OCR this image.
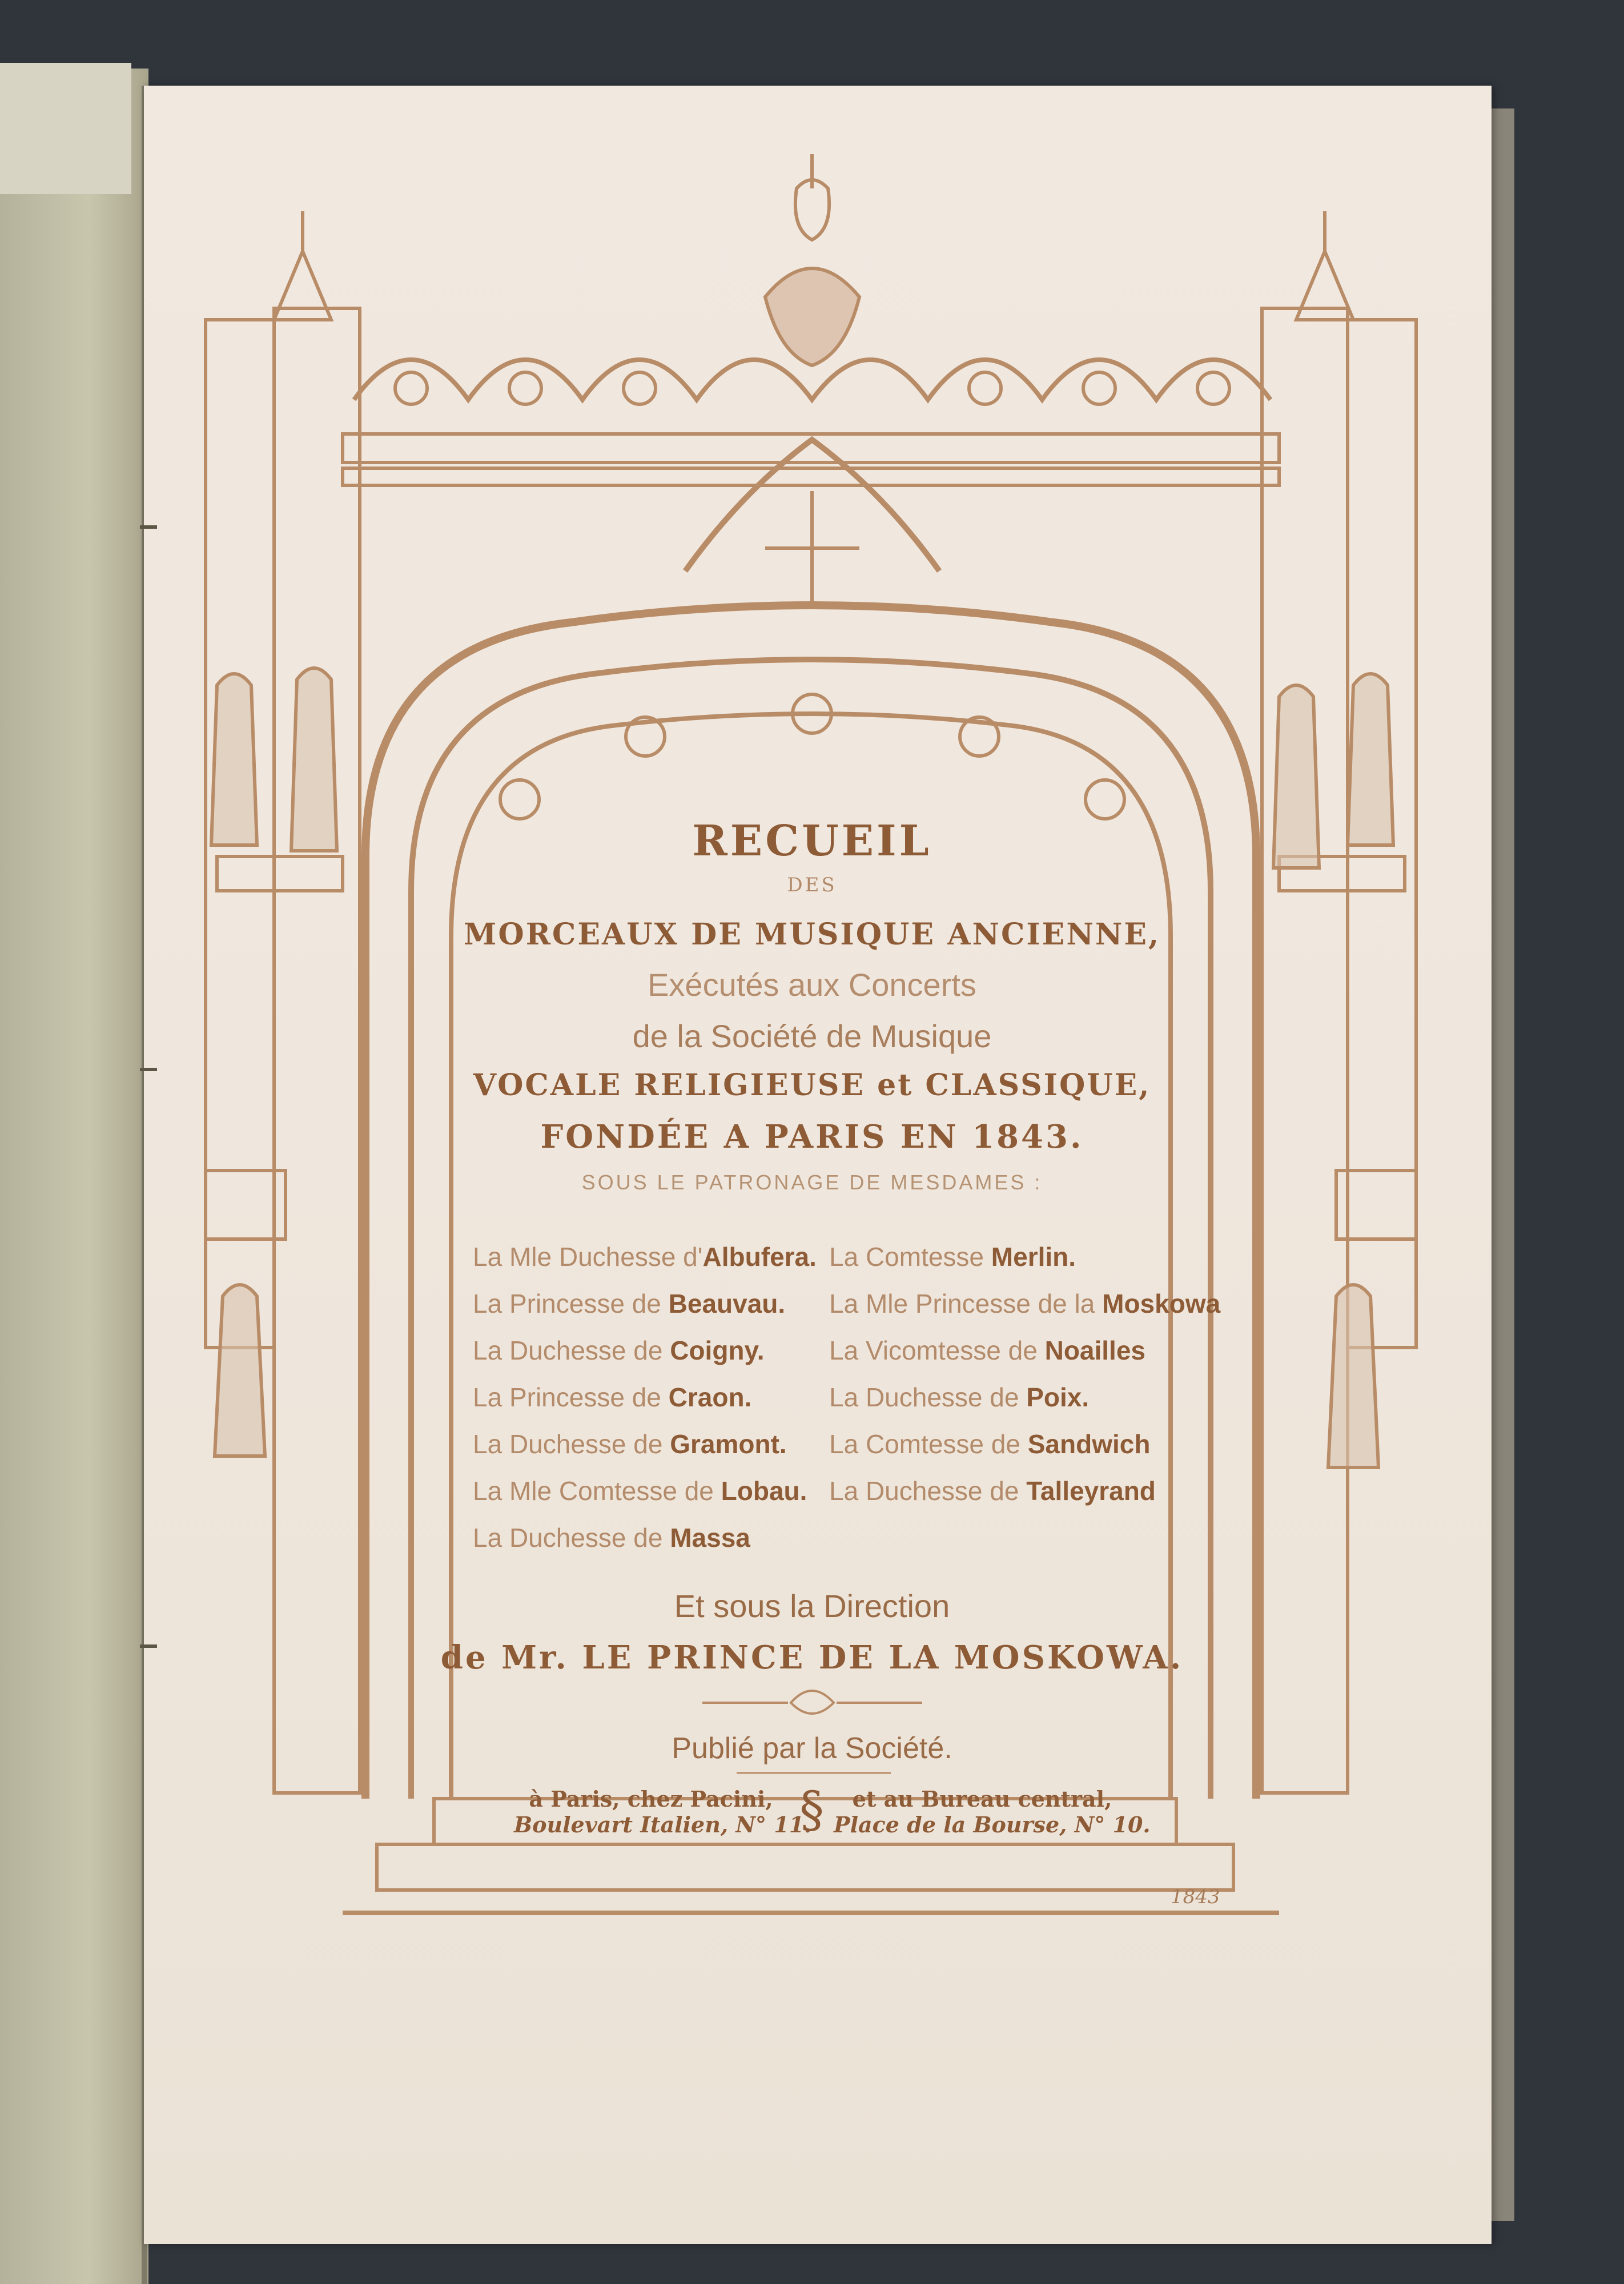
RECUEIL
DES
MORCEAUX DE MUSIQUE ANCIENNE,
Exécutés aux Concerts
de la Société de Musique
VOCALE RELIGIEUSE et CLASSIQUE,
FONDÉE A PARIS EN 1843.
SOUS LE PATRONAGE DE MESDAMES :
La Mle Duchesse d'Albufera.
La Princesse de Beauvau.
La Duchesse de Coigny.
La Princesse de Craon.
La Duchesse de Gramont.
La Mle Comtesse de Lobau.
La Duchesse de Massa
La Comtesse Merlin.
La Mle Princesse de la Moskowa
La Vicomtesse de Noailles
La Duchesse de Poix.
La Comtesse de Sandwich
La Duchesse de Talleyrand
Et sous la Direction
de Mr. LE PRINCE DE LA MOSKOWA.
Publié par la Société.
à Paris, chez Pacini,
Boulevart Italien, N° 11.
§	et au Bureau central,
Place de la Bourse, N° 10.
1843
